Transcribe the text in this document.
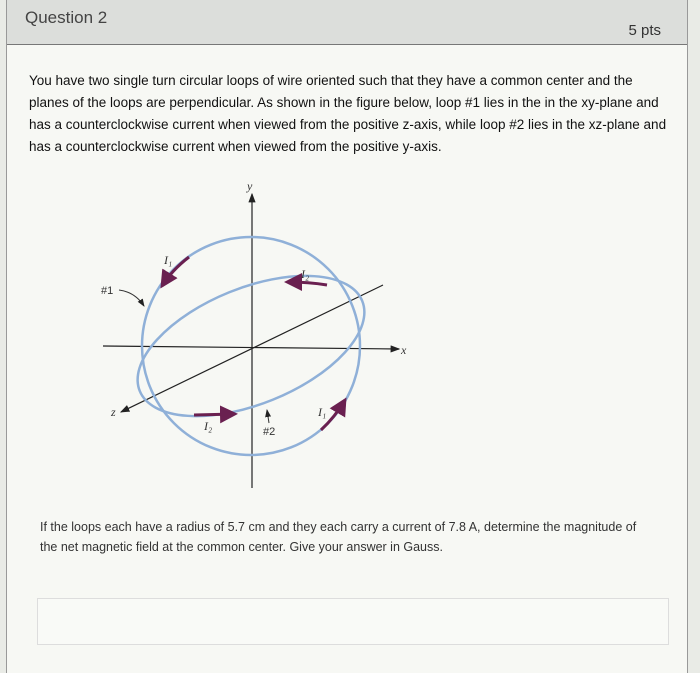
Question 2
5 pts
You have two single turn circular loops of wire oriented such that they have a common center and the planes of the loops are perpendicular. As shown in the figure below, loop #1 lies in the in the xy-plane and has a counterclockwise current when viewed from the positive z-axis, while loop #2 lies in the xz-plane and has a counterclockwise current when viewed from the positive y-axis.
y
x
z
I₁
I₁
I₂
I₂
#1
#2
If the loops each have a radius of 5.7 cm and they each carry a current of 7.8 A, determine the magnitude of the net magnetic field at the common center. Give your answer in Gauss.
